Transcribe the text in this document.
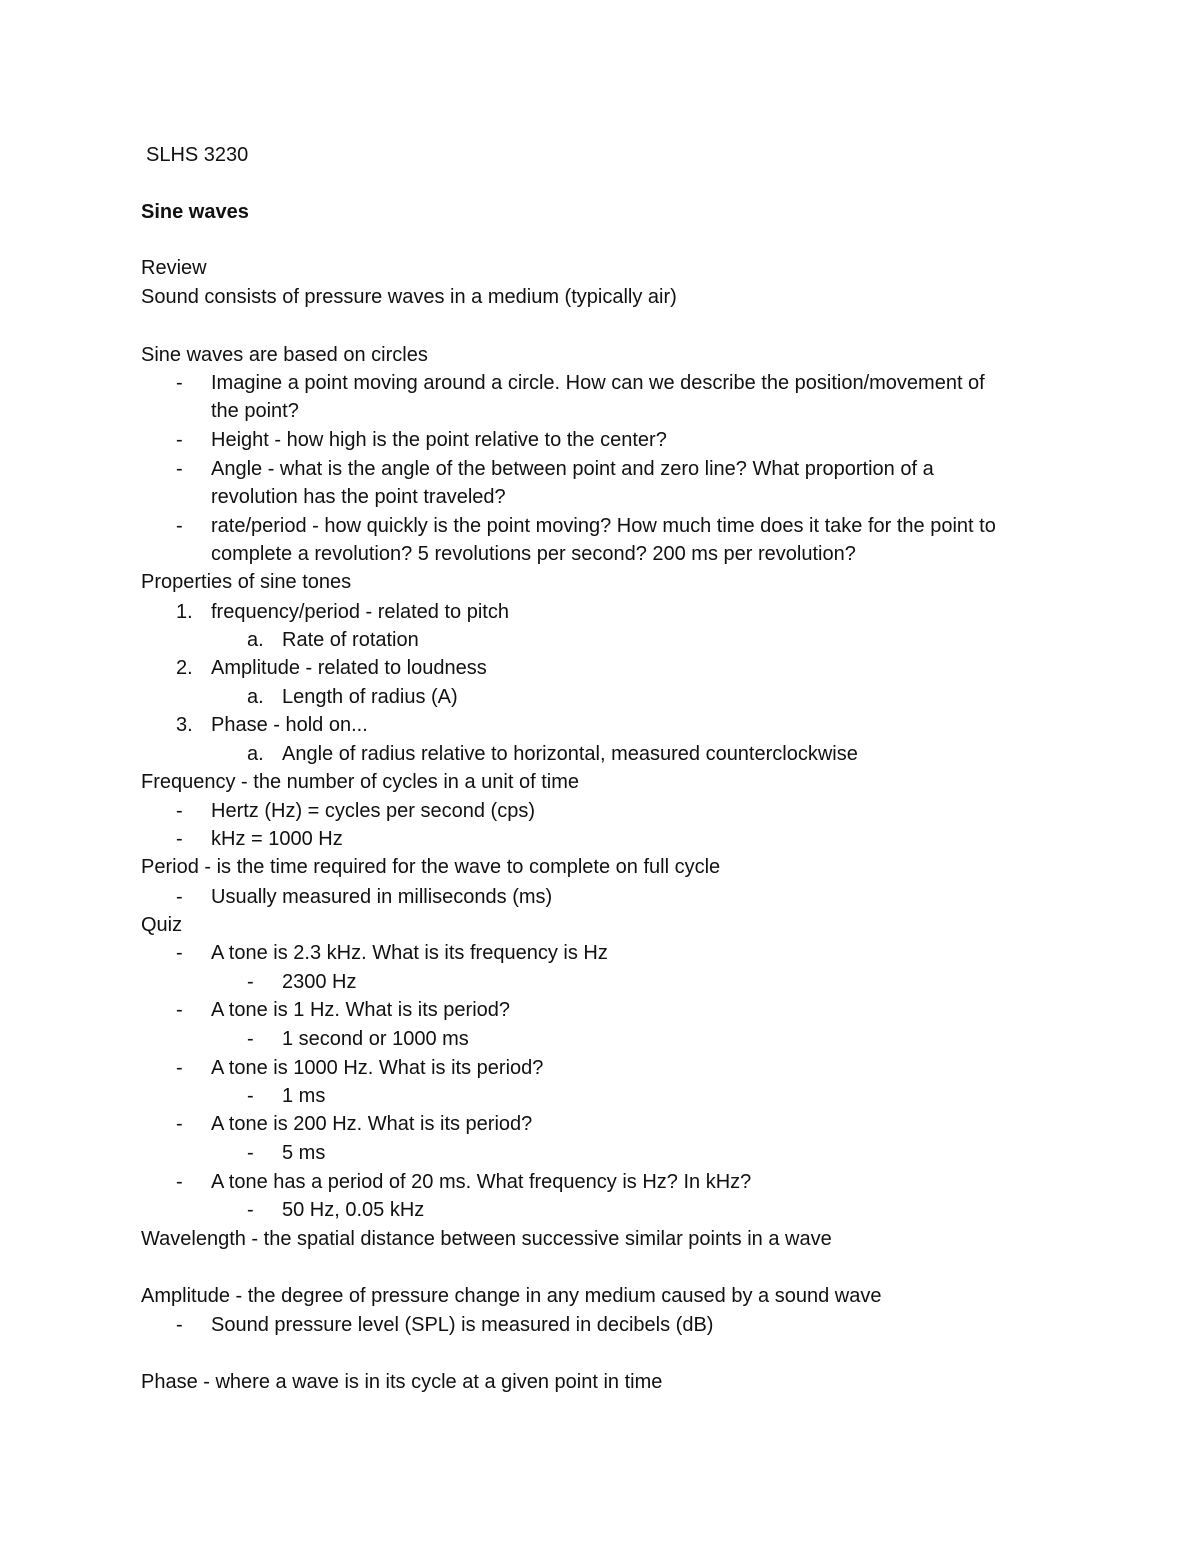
SLHS 3230
Sine waves
Review
Sound consists of pressure waves in a medium (typically air)
Sine waves are based on circles
- Imagine a point moving around a circle. How can we describe the position/movement of
the point?
- Height - how high is the point relative to the center?
- Angle - what is the angle of the between point and zero line? What proportion of a
revolution has the point traveled?
- rate/period - how quickly is the point moving? How much time does it take for the point to
complete a revolution? 5 revolutions per second? 200 ms per revolution?
Properties of sine tones
1. frequency/period - related to pitch
a. Rate of rotation
2. Amplitude - related to loudness
a. Length of radius (A)
3. Phase - hold on...
a. Angle of radius relative to horizontal, measured counterclockwise
Frequency - the number of cycles in a unit of time
- Hertz (Hz) = cycles per second (cps)
- kHz = 1000 Hz
Period - is the time required for the wave to complete on full cycle
- Usually measured in milliseconds (ms)
Quiz
- A tone is 2.3 kHz. What is its frequency is Hz
- 2300 Hz
- A tone is 1 Hz. What is its period?
- 1 second or 1000 ms
- A tone is 1000 Hz. What is its period?
- 1 ms
- A tone is 200 Hz. What is its period?
- 5 ms
- A tone has a period of 20 ms. What frequency is Hz? In kHz?
- 50 Hz, 0.05 kHz
Wavelength - the spatial distance between successive similar points in a wave
Amplitude - the degree of pressure change in any medium caused by a sound wave
- Sound pressure level (SPL) is measured in decibels (dB)
Phase - where a wave is in its cycle at a given point in time
